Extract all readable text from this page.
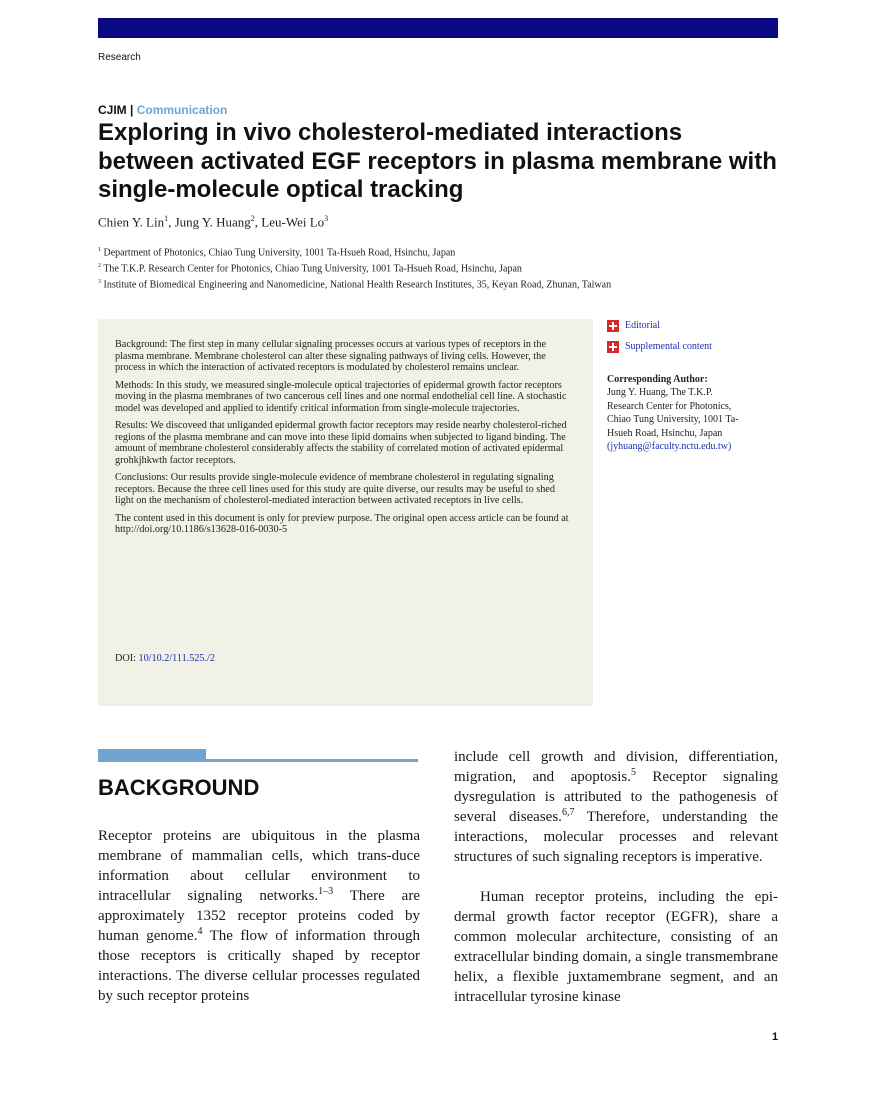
Research
CJIM | Communication
Exploring in vivo cholesterol-mediated interactions between activated EGF receptors in plasma membrane with single-molecule optical tracking
Chien Y. Lin$^1$, Jung Y. Huang$^2$, Leu-Wei Lo$^3$
$^1$ Department of Photonics, Chiao Tung University, 1001 Ta-Hsueh Road, Hsinchu, Japan
$^2$ The T.K.P. Research Center for Photonics, Chiao Tung University, 1001 Ta-Hsueh Road, Hsinchu, Japan
$^3$ Institute of Biomedical Engineering and Nanomedicine, National Health Research Institutes, 35, Keyan Road, Zhunan, Taiwan

Background: The first step in many cellular signaling processes occurs at various types of receptors in the plasma membrane. Membrane cholesterol can alter these signaling pathways of living cells. However, the process in which the interaction of activated receptors is modulated by cholesterol remains unclear.

Methods: In this study, we measured single-molecule optical trajectories of epidermal growth factor receptors moving in the plasma membranes of two cancerous cell lines and one normal endothelial cell line. A stochastic model was developed and applied to identify critical information from single-molecule trajectories.

Results: We discoveed that unliganded epidermal growth factor receptors may reside nearby cholesterol-riched regions of the plasma membrane and can move into these lipid domains when subjected to ligand binding. The amount of membrane cholesterol considerably affects the stability of correlated motion of activated epidermal grohkjhkwth factor receptors.

Conclusions: Our results provide single-molecule evidence of membrane cholesterol in regulating signaling receptors. Because the three cell lines used for this study are quite diverse, our results may be useful to shed light on the mechanism of cholesterol-mediated interaction between activated receptors in live cells.

The content used in this document is only for preview purpose. The original open access article can be found at http://doi.org/10.1186/s13628-016-0030-5

DOI: 10/10.2/111.525./2
Editorial
Supplemental content
Corresponding Author:
Jung Y. Huang, The T.K.P. Research Center for Photonics, Chiao Tung University, 1001 Ta-Hsueh Road, Hsinchu, Japan (jyhuang@faculty.nctu.edu.tw)
BACKGROUND

Receptor proteins are ubiquitous in the plasma membrane of mammalian cells, which trans-duce information about cellular environment to intracellular signaling networks.$^{1-3}$ There are approximately 1352 receptor proteins coded by human genome.$^4$ The flow of information through those receptors is critically shaped by receptor interactions. The diverse cellular processes regulated by such receptor proteins

include cell growth and division, differentiation, migration, and apoptosis.$^5$ Receptor signaling dysregulation is attributed to the pathogenesis of several diseases.$^{6,7}$ Therefore, understanding the interactions, molecular processes and relevant structures of such signaling receptors is imperative.

Human receptor proteins, including the epi-dermal growth factor receptor (EGFR), share a common molecular architecture, consisting of an extracellular binding domain, a single transmembrane helix, a flexible juxtamembrane segment, and an intracellular tyrosine kinase

1
